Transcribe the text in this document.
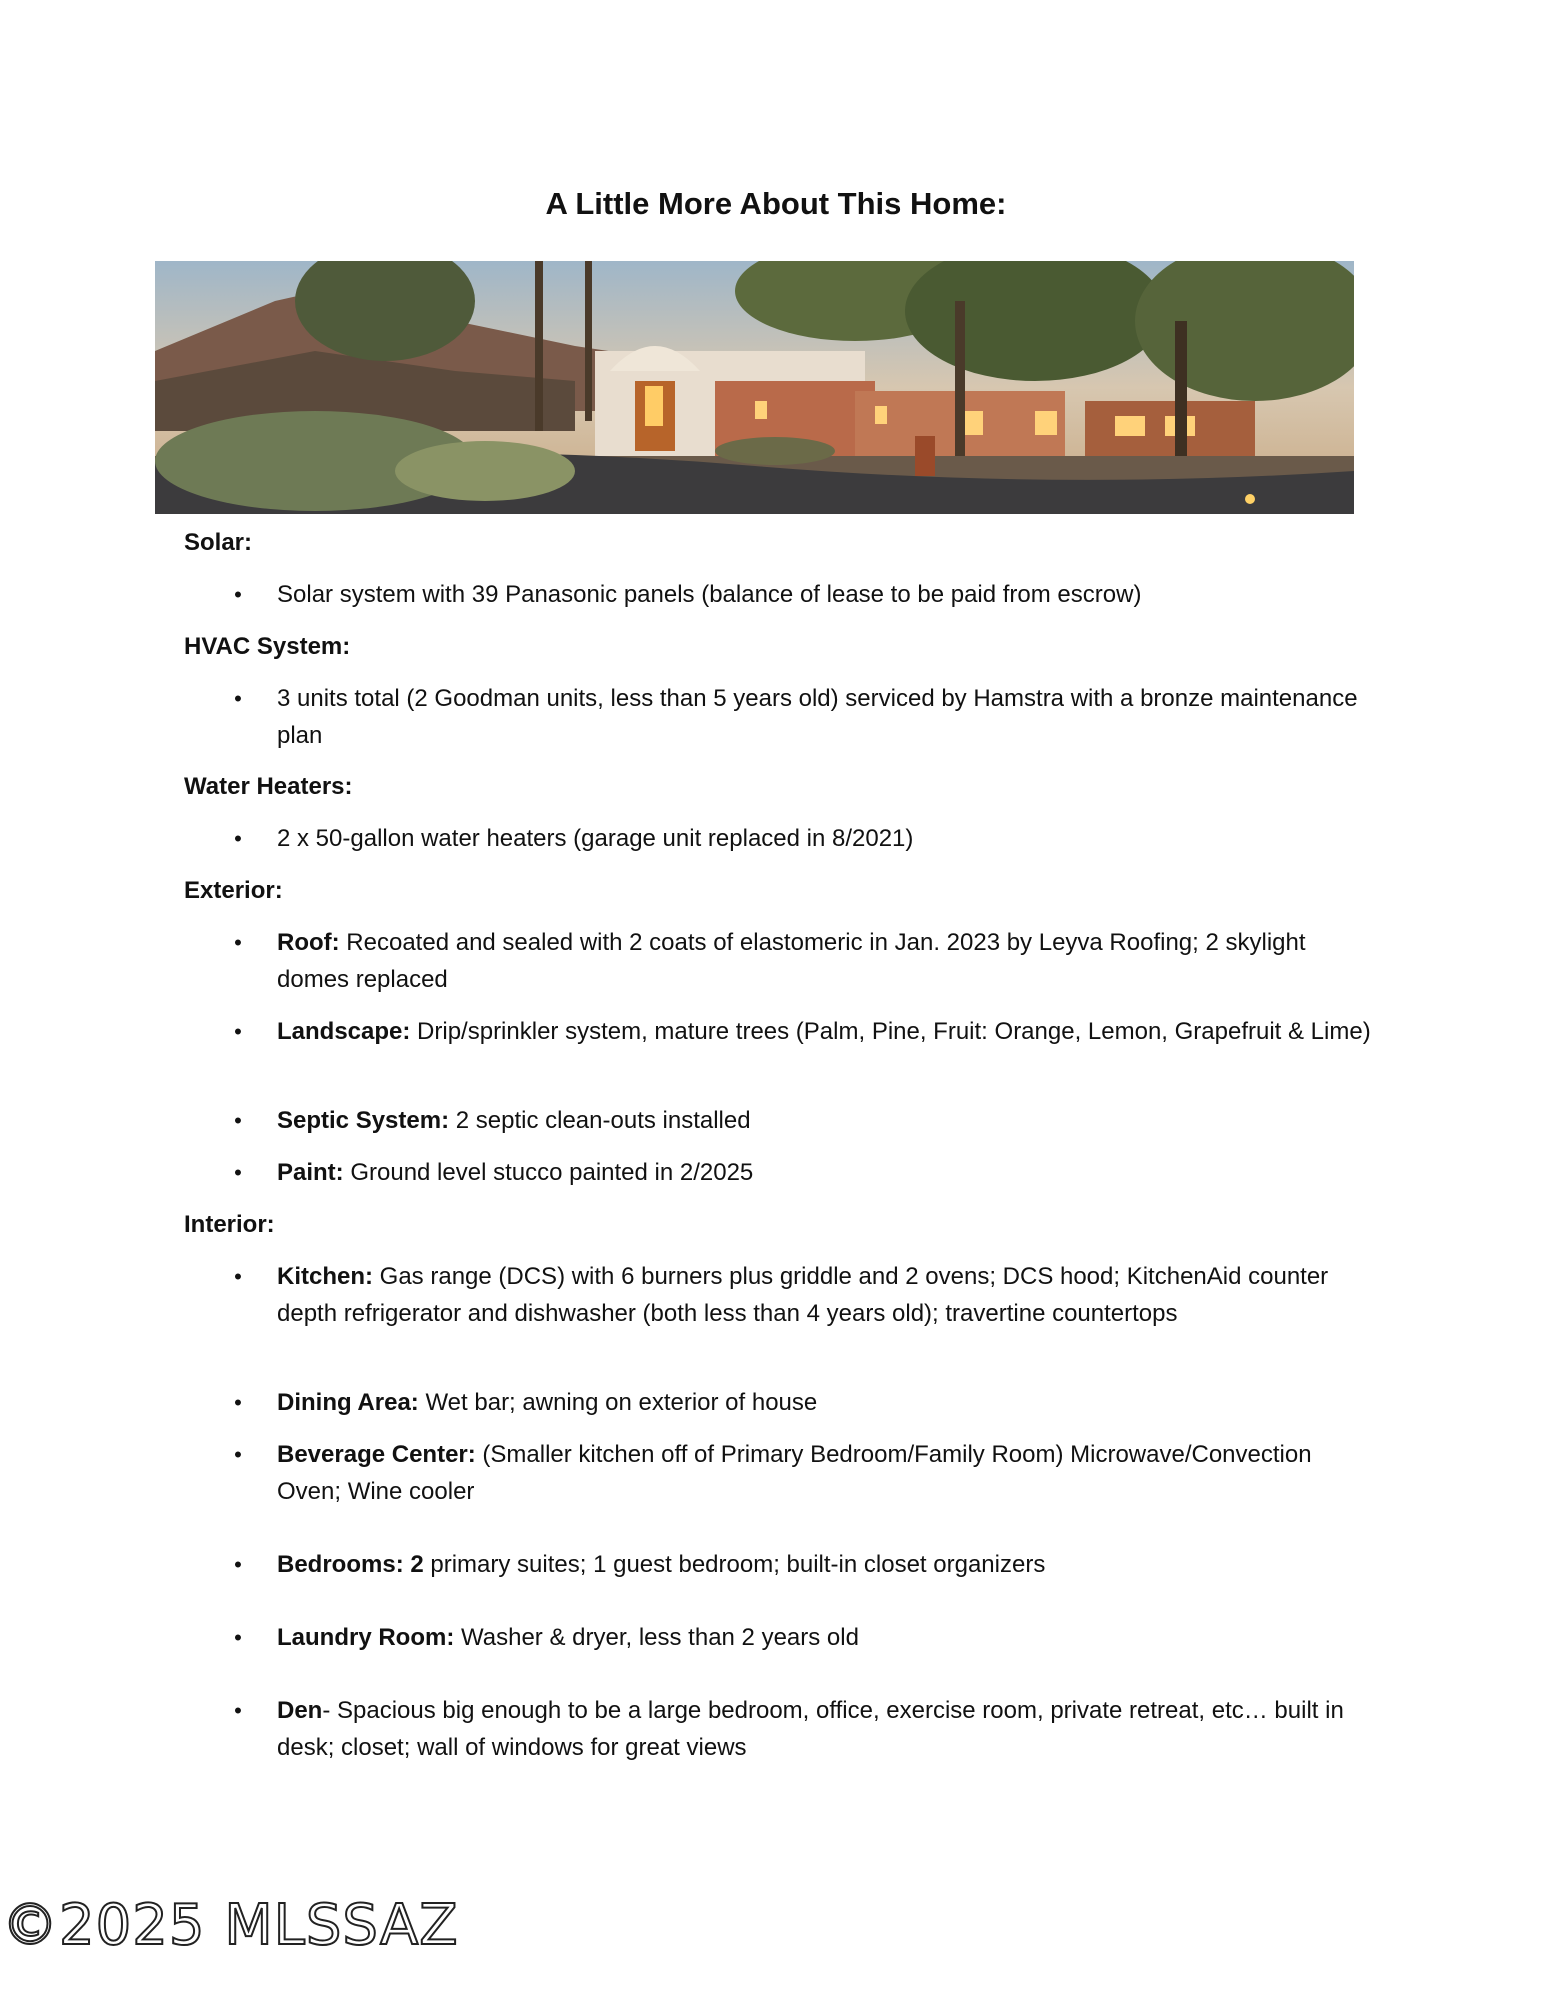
A Little More About This Home:
Solar:
• Solar system with 39 Panasonic panels (balance of lease to be paid from escrow)
HVAC System:
• 3 units total (2 Goodman units, less than 5 years old) serviced by Hamstra with a bronze maintenance plan
Water Heaters:
• 2 x 50-gallon water heaters (garage unit replaced in 8/2021)
Exterior:
• Roof: Recoated and sealed with 2 coats of elastomeric in Jan. 2023 by Leyva Roofing; 2 skylight domes replaced
• Landscape: Drip/sprinkler system, mature trees (Palm, Pine, Fruit: Orange, Lemon, Grapefruit & Lime)
• Septic System: 2 septic clean-outs installed
• Paint: Ground level stucco painted in 2/2025
Interior:
• Kitchen: Gas range (DCS) with 6 burners plus griddle and 2 ovens; DCS hood; KitchenAid counter depth refrigerator and dishwasher (both less than 4 years old); travertine countertops
• Dining Area: Wet bar; awning on exterior of house
• Beverage Center: (Smaller kitchen off of Primary Bedroom/Family Room) Microwave/Convection Oven; Wine cooler
• Bedrooms: 2 primary suites; 1 guest bedroom; built-in closet organizers
• Laundry Room: Washer & dryer, less than 2 years old
• Den- Spacious big enough to be a large bedroom, office, exercise room, private retreat, etc… built in desk; closet; wall of windows for great views
©2025 MLSSAZ
